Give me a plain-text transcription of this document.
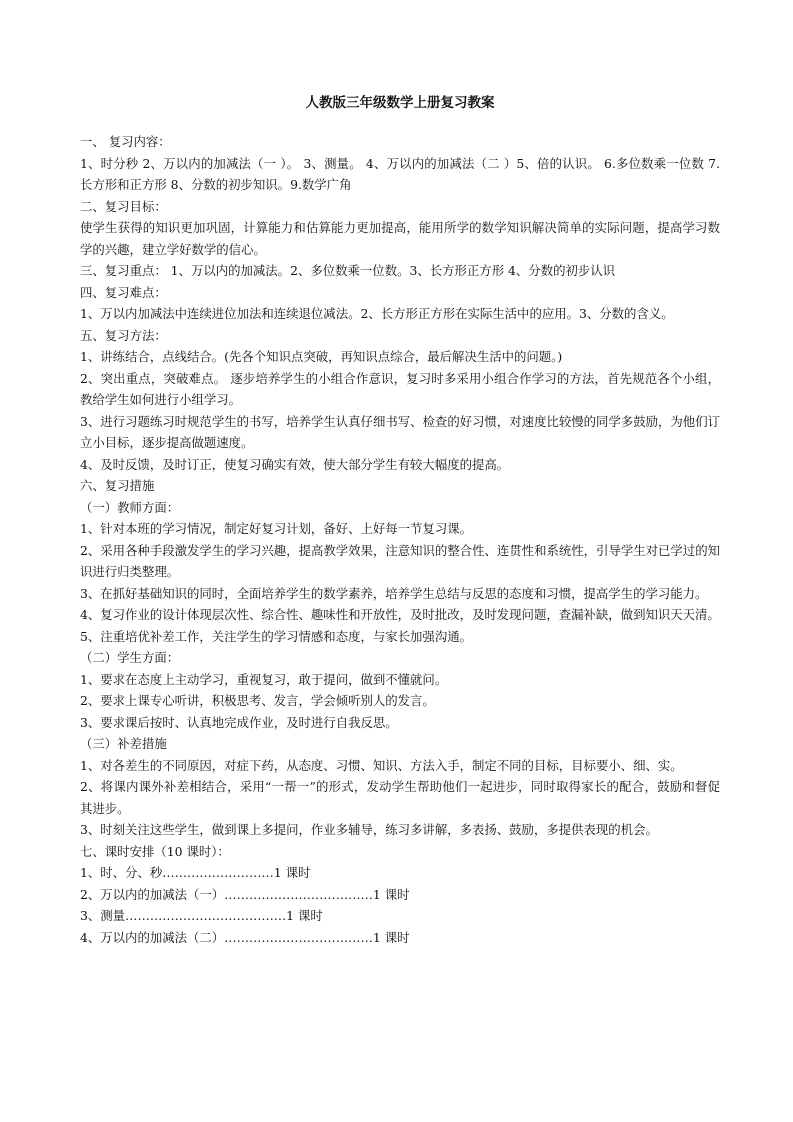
人教版三年级数学上册复习教案

一、 复习内容：

1、时分秒 2、万以内的加减法（一 ）。 3、测量。 4、万以内的加减法（二 ）5、倍的认识。 6.多位数乘一位数 7.长方形和正方形 8、分数的初步知识。9.数学广角

二、复习目标：

使学生获得的知识更加巩固，计算能力和估算能力更加提高，能用所学的数学知识解决简单的实际问题，提高学习数学的兴趣，建立学好数学的信心。

三、复习重点： 1、万以内的加减法。2、多位数乘一位数。3、长方形正方形 4、分数的初步认识

四、复习难点：

1、万以内加减法中连续进位加法和连续退位减法。2、长方形正方形在实际生活中的应用。3、分数的含义。

五、复习方法：

1、讲练结合，点线结合。(先各个知识点突破，再知识点综合，最后解决生活中的问题。)

2、突出重点，突破难点。 逐步培养学生的小组合作意识，复习时多采用小组合作学习的方法，首先规范各个小组，教给学生如何进行小组学习。

3、进行习题练习时规范学生的书写，培养学生认真仔细书写、检查的好习惯，对速度比较慢的同学多鼓励，为他们订立小目标，逐步提高做题速度。

4、及时反馈，及时订正，使复习确实有效，使大部分学生有较大幅度的提高。

六、复习措施

（一）教师方面：

1、针对本班的学习情况，制定好复习计划，备好、上好每一节复习课。

2、采用各种手段激发学生的学习兴趣，提高教学效果，注意知识的整合性、连贯性和系统性，引导学生对已学过的知识进行归类整理。

3、在抓好基础知识的同时，全面培养学生的数学素养，培养学生总结与反思的态度和习惯，提高学生的学习能力。

4、复习作业的设计体现层次性、综合性、趣味性和开放性，及时批改，及时发现问题，查漏补缺，做到知识天天清。

5、注重培优补差工作，关注学生的学习情感和态度，与家长加强沟通。

（二）学生方面：

1、要求在态度上主动学习，重视复习，敢于提问，做到不懂就问。

2、要求上课专心听讲，积极思考、发言，学会倾听别人的发言。

3、要求课后按时、认真地完成作业，及时进行自我反思。

（三）补差措施

1、对各差生的不同原因，对症下药，从态度、习惯、知识、方法入手，制定不同的目标，目标要小、细、实。

2、将课内课外补差相结合，采用“一帮一”的形式，发动学生帮助他们一起进步，同时取得家长的配合，鼓励和督促其进步。

3、时刻关注这些学生，做到课上多提问，作业多辅导，练习多讲解，多表扬、鼓励，多提供表现的机会。

七、课时安排（10 课时）：

1、时、分、秒………………………1 课时

2、万以内的加减法（一）………………………………1 课时

3、测量…………………………………1 课时

4、万以内的加减法（二）………………………………1 课时
